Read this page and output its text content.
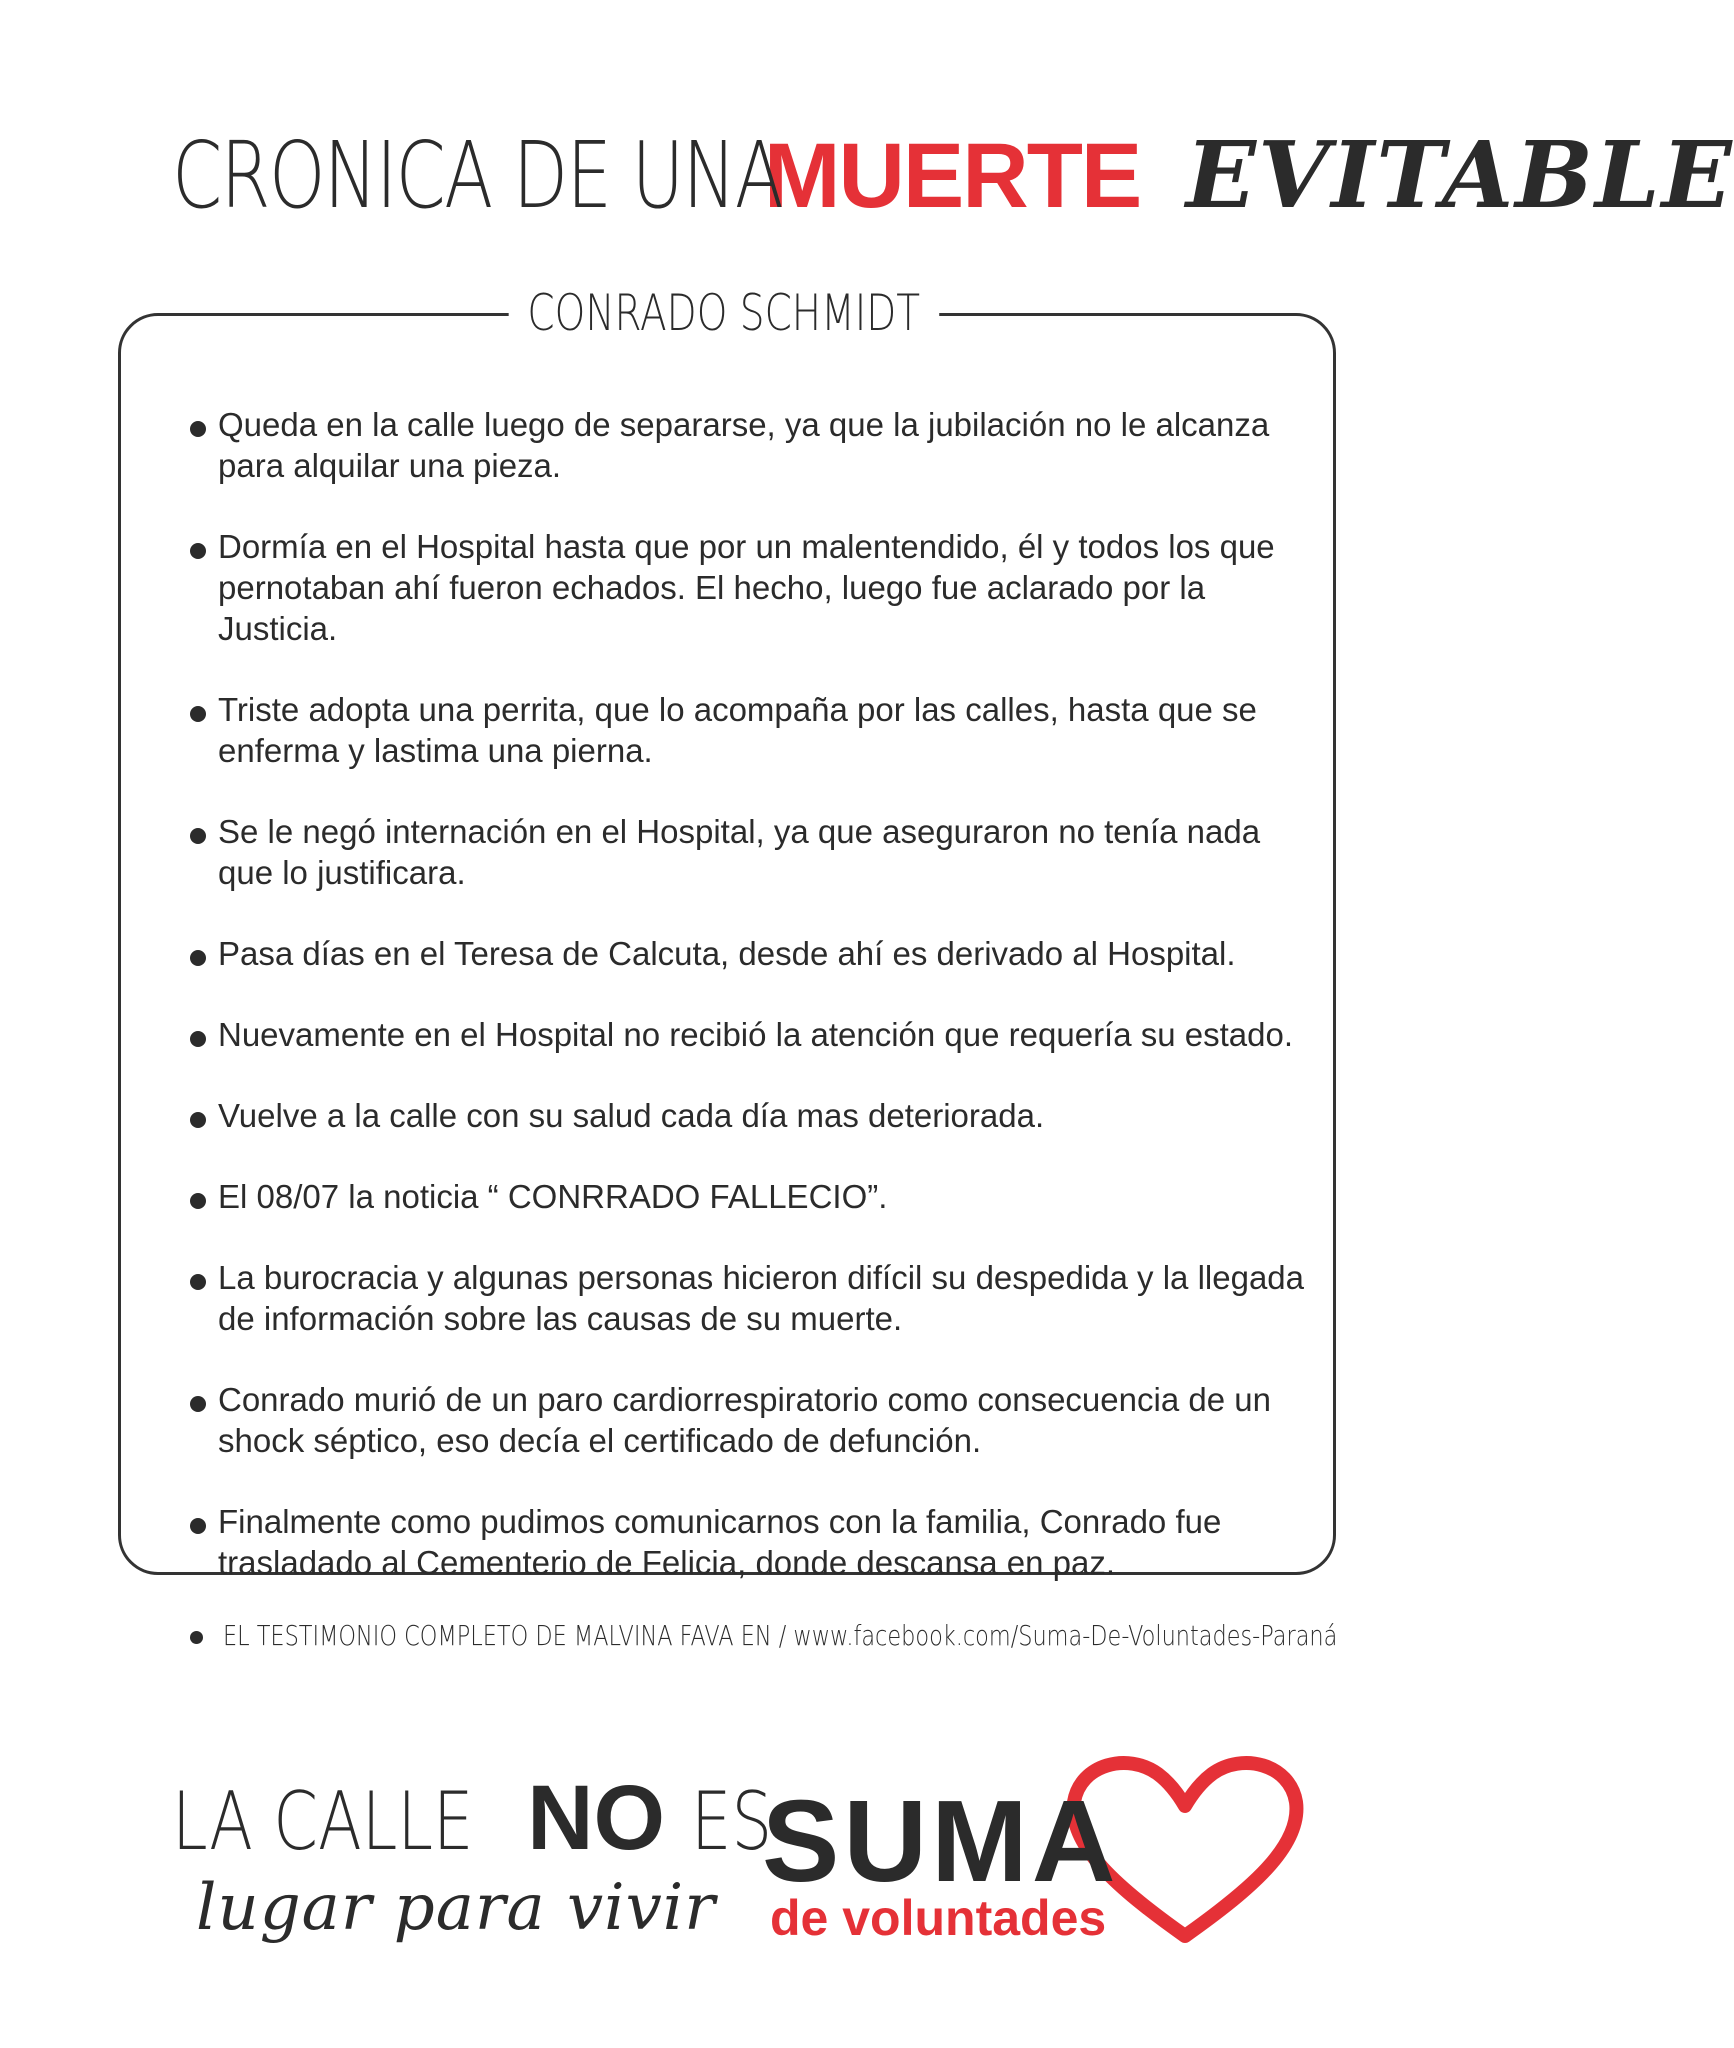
CRONICA DE UNA MUERTE EVITABLE
CONRADO SCHMIDT
Queda en la calle luego de separarse, ya que la jubilación no le alcanza para alquilar una pieza.
Dormía en el Hospital hasta que por un malentendido, él y todos los que pernotaban ahí fueron echados. El hecho, luego fue aclarado por la Justicia.
Triste adopta una perrita, que lo acompaña por las calles, hasta que se enferma y lastima una pierna.
Se le negó internación en el Hospital, ya que aseguraron no tenía nada que lo justificara.
Pasa días en el Teresa de Calcuta, desde ahí es derivado al Hospital.
Nuevamente en el Hospital no recibió la atención que requería su estado.
Vuelve a la calle con su salud cada día mas deteriorada.
El 08/07 la noticia “ CONRRADO FALLECIO”.
La burocracia y algunas personas hicieron difícil su despedida y la llegada de información sobre las causas de su muerte.
Conrado murió de un paro cardiorrespiratorio como consecuencia de un shock séptico, eso decía el certificado de defunción.
Finalmente como pudimos comunicarnos con la familia, Conrado fue trasladado al Cementerio de Felicia, donde descansa en paz.
EL TESTIMONIO COMPLETO DE MALVINA FAVA EN / www.facebook.com/Suma-De-Voluntades-Paraná
LA CALLE NO ES
lugar para vivir
SUMA
de voluntades
